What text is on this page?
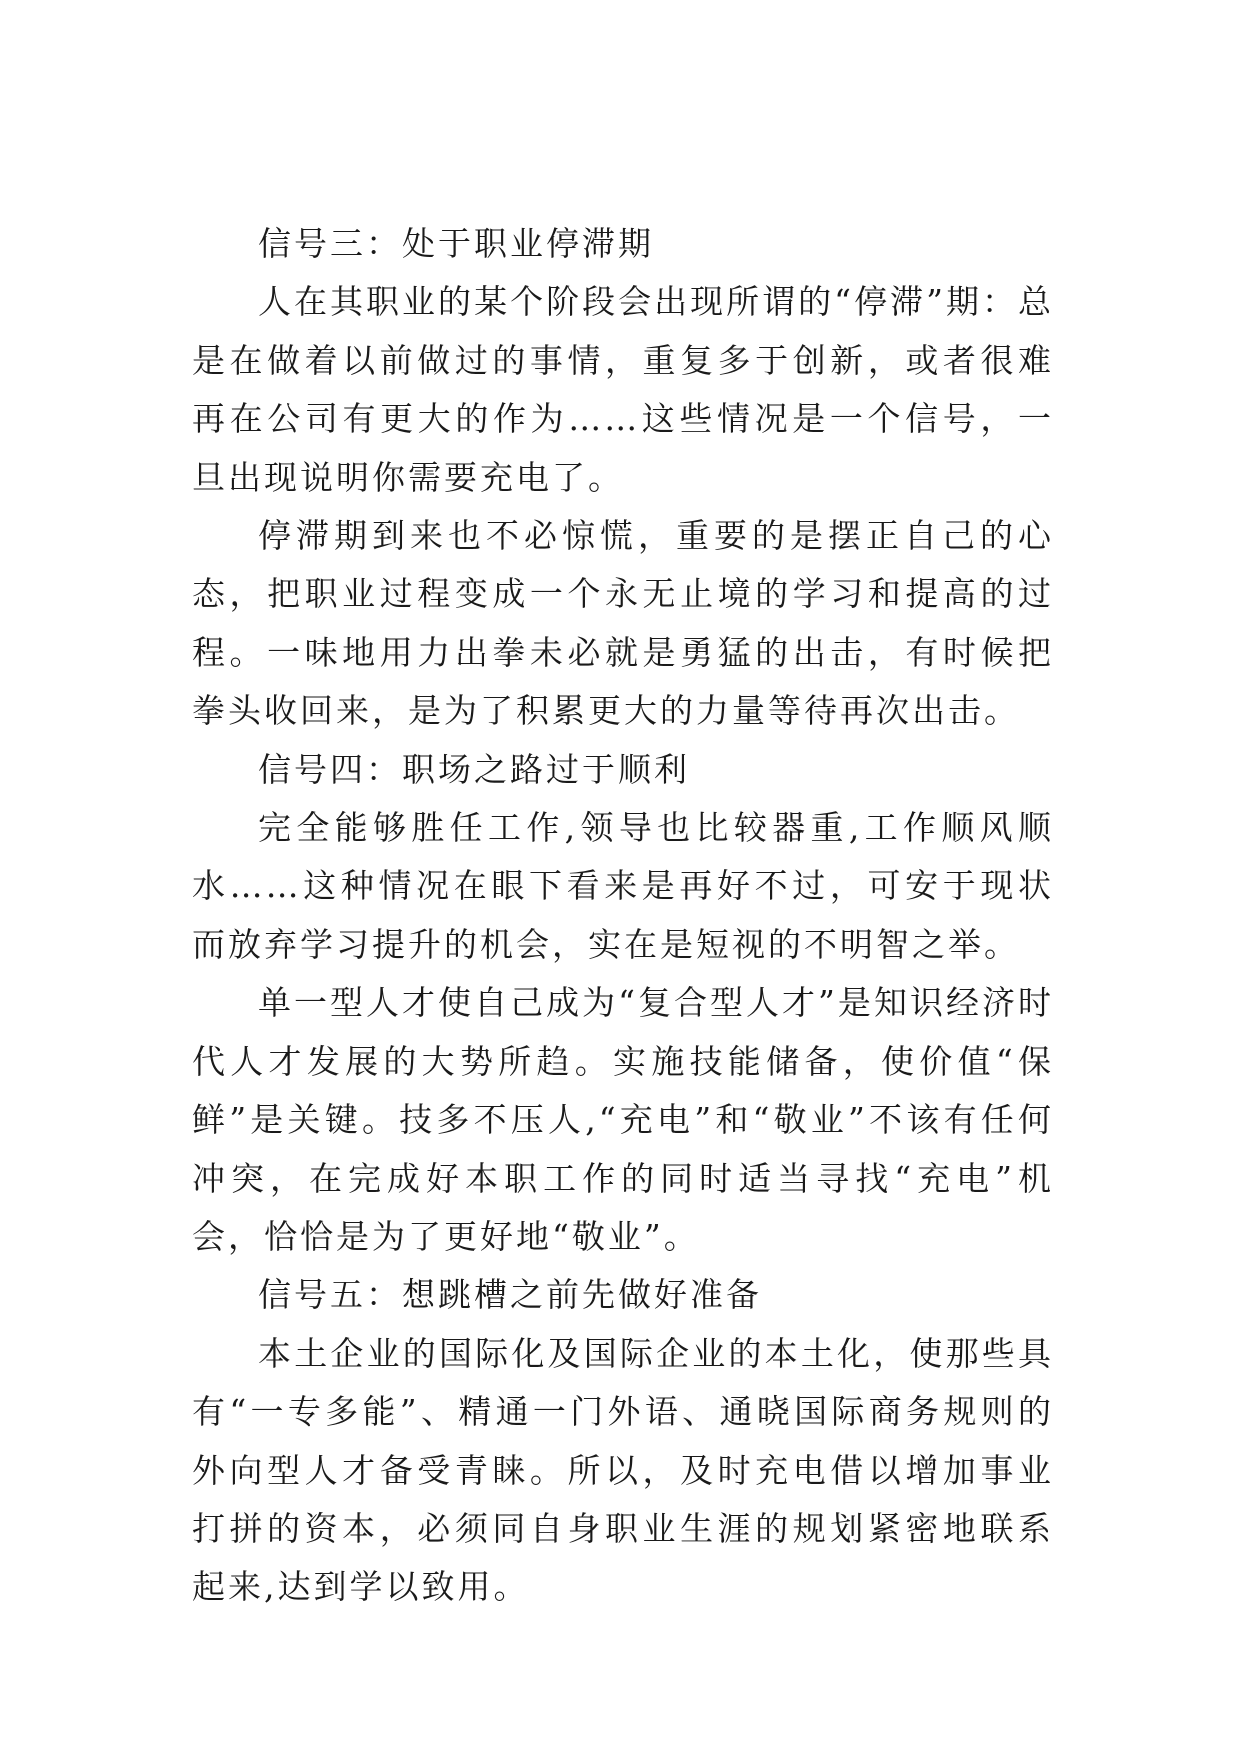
信号三：处于职业停滞期

人在其职业的某个阶段会出现所谓的“停滞”期：总是在做着以前做过的事情，重复多于创新，或者很难再在公司有更大的作为……这些情况是一个信号，一旦出现说明你需要充电了。

停滞期到来也不必惊慌，重要的是摆正自己的心态，把职业过程变成一个永无止境的学习和提高的过程。一味地用力出拳未必就是勇猛的出击，有时候把拳头收回来，是为了积累更大的力量等待再次出击。

信号四：职场之路过于顺利

完全能够胜任工作,领导也比较器重,工作顺风顺水……这种情况在眼下看来是再好不过，可安于现状而放弃学习提升的机会，实在是短视的不明智之举。

单一型人才使自己成为“复合型人才”是知识经济时代人才发展的大势所趋。实施技能储备，使价值“保鲜”是关键。技多不压人,“充电”和“敬业”不该有任何冲突，在完成好本职工作的同时适当寻找“充电”机会，恰恰是为了更好地“敬业”。

信号五：想跳槽之前先做好准备

本土企业的国际化及国际企业的本土化，使那些具有“一专多能”、精通一门外语、通晓国际商务规则的外向型人才备受青睐。所以，及时充电借以增加事业打拼的资本，必须同自身职业生涯的规划紧密地联系起来,达到学以致用。
